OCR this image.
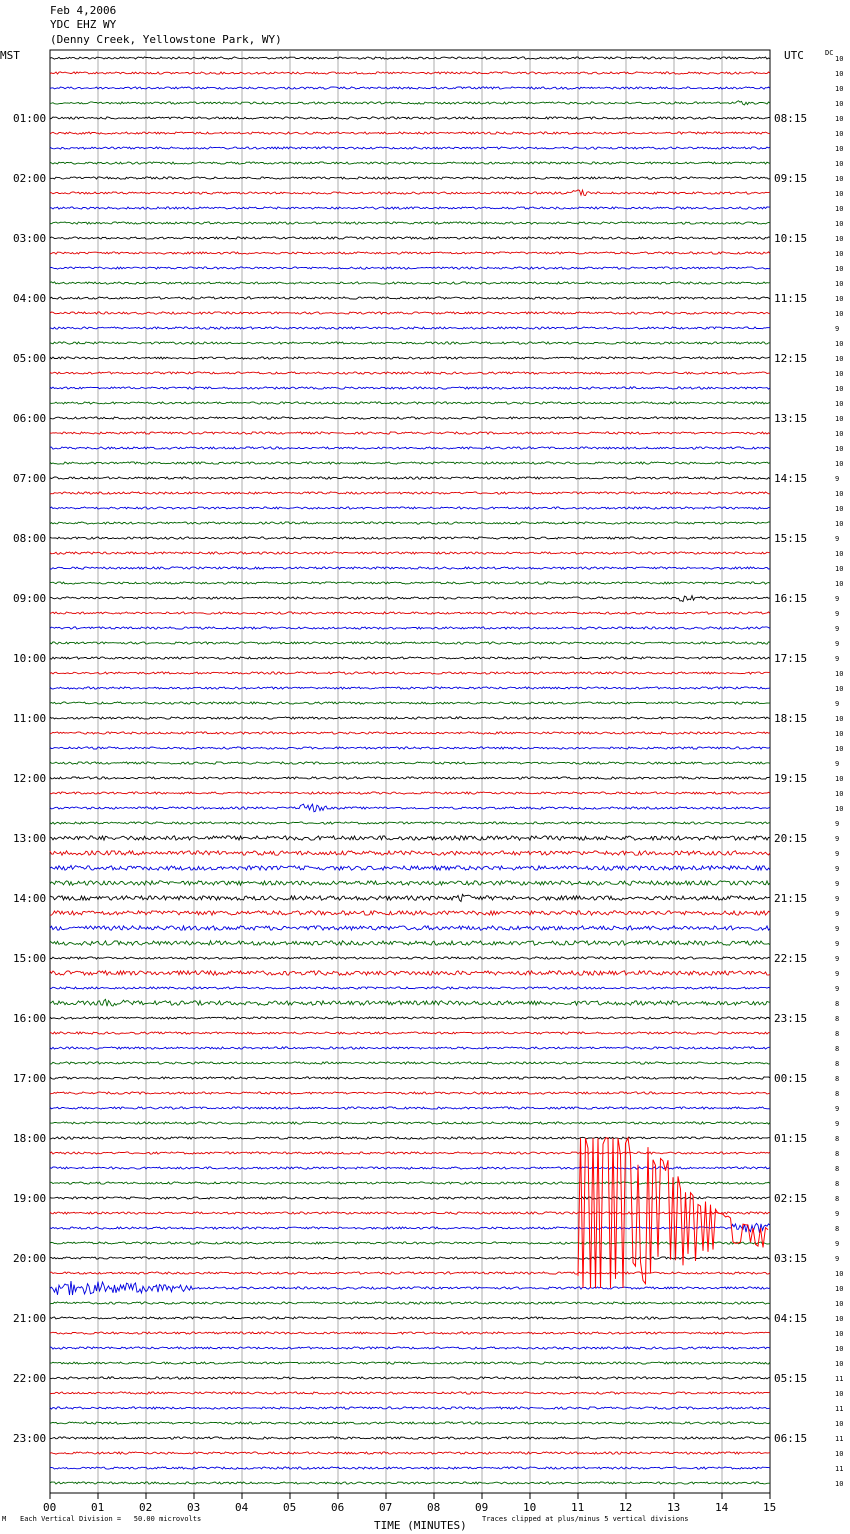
Feb 4,2006
YDC EHZ WY
(Denny Creek, Yellowstone Park, WY)
MST	UTC	DC
01:00
02:00
03:00
04:00
05:00
06:00
07:00
08:00
09:00
10:00
11:00
12:00
13:00
14:00
15:00
16:00
17:00
18:00
19:00
20:00
21:00
22:00
23:00
08:15
09:15
10:15
11:15
12:15
13:15
14:15
15:15
16:15
17:15
18:15
19:15
20:15
21:15
22:15
23:15
00:15
01:15
02:15
03:15
04:15
05:15
06:15
10
10
10
10
10
10
10
10
10
10
10
10
10
10
10
10
10
10
9
10
10
10
10
10
10
10
10
10
9
10
10
10
9
10
10
10
9
9
9
9
9
10
10
9
10
10
10
9
10
10
10
9
9
9
9
9
9
9
9
9
9
9
9
8
8
8
8
8
8
8
9
9
8
8
8
8
8
9
8
9
9
10
10
10
10
10
10
10
11
10
11
10
11
10
11
10
00	01	02	03	04	05	06	07	08	09	10	11	12	13	14	15
TIME (MINUTES)
M Each Vertical Division =   50.00 microvolts	Traces clipped at plus/minus 5 vertical divisions
